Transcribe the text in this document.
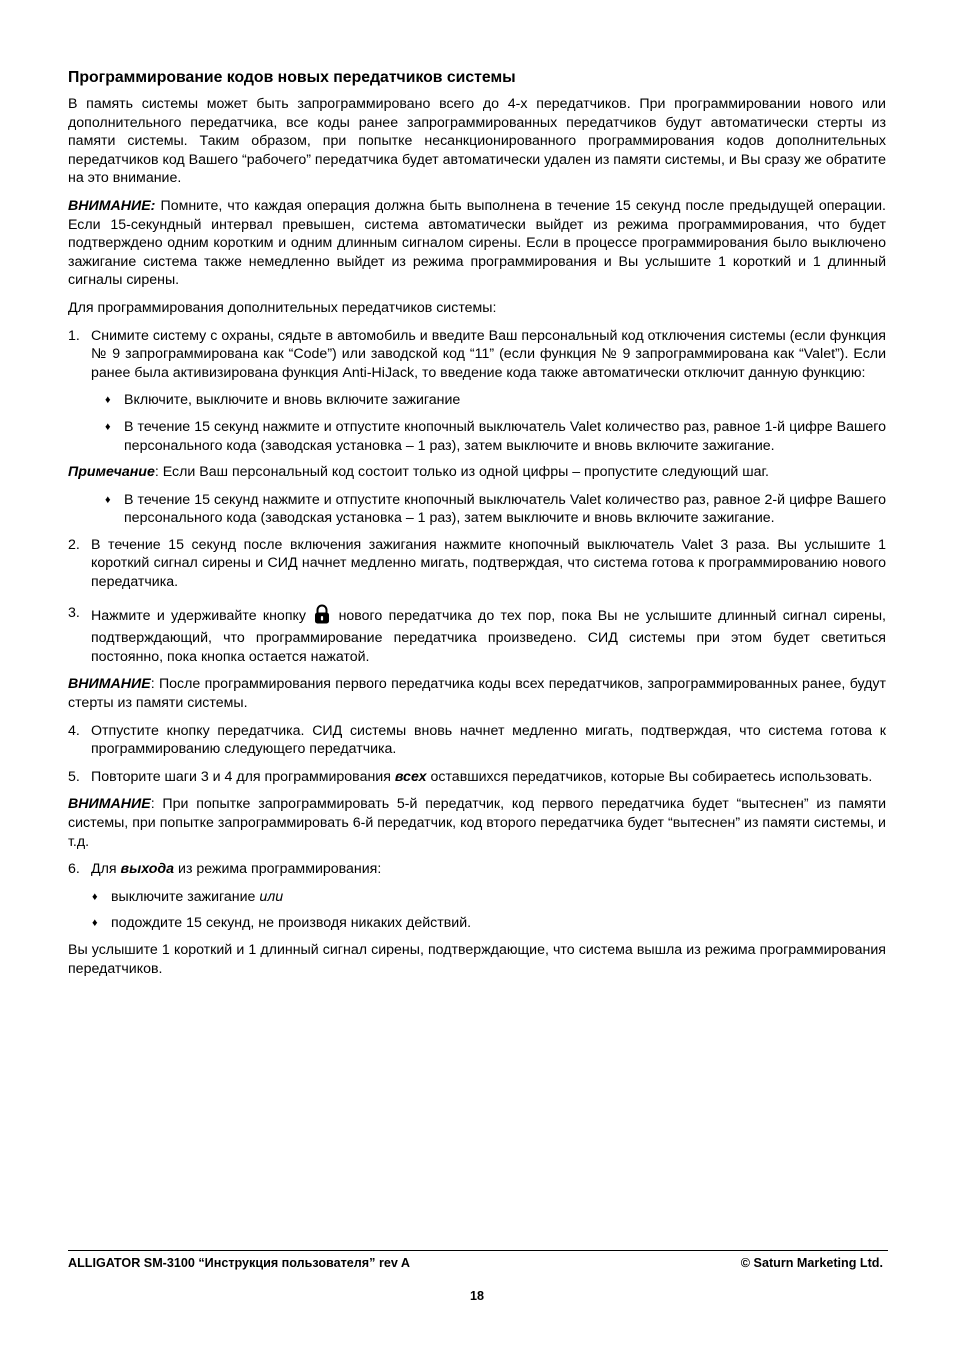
Программирование кодов новых передатчиков системы

В память системы может быть запрограммировано всего до 4-х передатчиков. При программировании нового или дополнительного передатчика, все коды ранее запрограммированных передатчиков будут автоматически стерты из памяти системы. Таким образом, при попытке несанкционированного программирования кодов дополнительных передатчиков код Вашего “рабочего” передатчика будет автоматически удален из памяти системы, и Вы сразу же обратите на это внимание.

ВНИМАНИЕ: Помните, что каждая операция должна быть выполнена в течение 15 секунд после предыдущей операции. Если 15-секундный интервал превышен, система автоматически выйдет из режима программирования, что будет подтверждено одним коротким и одним длинным сигналом сирены. Если в процессе программирования было выключено зажигание система также немедленно выйдет из режима программирования и Вы услышите 1 короткий и 1 длинный сигналы сирены.

Для программирования дополнительных передатчиков системы:

1. Снимите систему с охраны, сядьте в автомобиль и введите Ваш персональный код отключения системы (если функция № 9 запрограммирована как “Code”) или заводской код “11” (если функция № 9 запрограммирована как “Valet”). Если ранее была активизирована функция Anti-HiJack, то введение кода также автоматически отключит данную функцию:
♦ Включите, выключите и вновь включите зажигание
♦ В течение 15 секунд нажмите и отпустите кнопочный выключатель Valet количество раз, равное 1-й цифре Вашего персонального кода (заводская установка – 1 раз), затем выключите и вновь включите зажигание.

Примечание: Если Ваш персональный код состоит только из одной цифры – пропустите следующий шаг.

♦ В течение 15 секунд нажмите и отпустите кнопочный выключатель Valet количество раз, равное 2-й цифре Вашего персонального кода (заводская установка – 1 раз), затем выключите и вновь включите зажигание.
2. В течение 15 секунд после включения зажигания нажмите кнопочный выключатель Valet 3 раза. Вы услышите 1 короткий сигнал сирены и СИД начнет медленно мигать, подтверждая, что система готова к программированию нового передатчика.
3. Нажмите и удерживайте кнопку  нового передатчика до тех пор, пока Вы не услышите длинный сигнал сирены, подтверждающий, что программирование передатчика произведено. СИД системы при этом будет светиться постоянно, пока кнопка остается нажатой.

ВНИМАНИЕ: После программирования первого передатчика коды всех передатчиков, запрограммированных ранее, будут стерты из памяти системы.

4. Отпустите кнопку передатчика. СИД системы вновь начнет медленно мигать, подтверждая, что система готова к программированию следующего передатчика.
5. Повторите шаги 3 и 4 для программирования всех оставшихся передатчиков, которые Вы собираетесь использовать.

ВНИМАНИЕ: При попытке запрограммировать 5-й передатчик, код первого передатчика будет “вытеснен” из памяти системы, при попытке запрограммировать 6-й передатчик, код второго передатчика будет “вытеснен” из памяти системы, и т.д.

6. Для выхода из режима программирования:
♦ выключите зажигание или
♦ подождите 15 секунд, не производя никаких действий.

Вы услышите 1 короткий и 1 длинный сигнал сирены, подтверждающие, что система вышла из режима программирования передатчиков.

ALLIGATOR SM-3100 “Инструкция пользователя” rev A	© Saturn Marketing Ltd.
18
